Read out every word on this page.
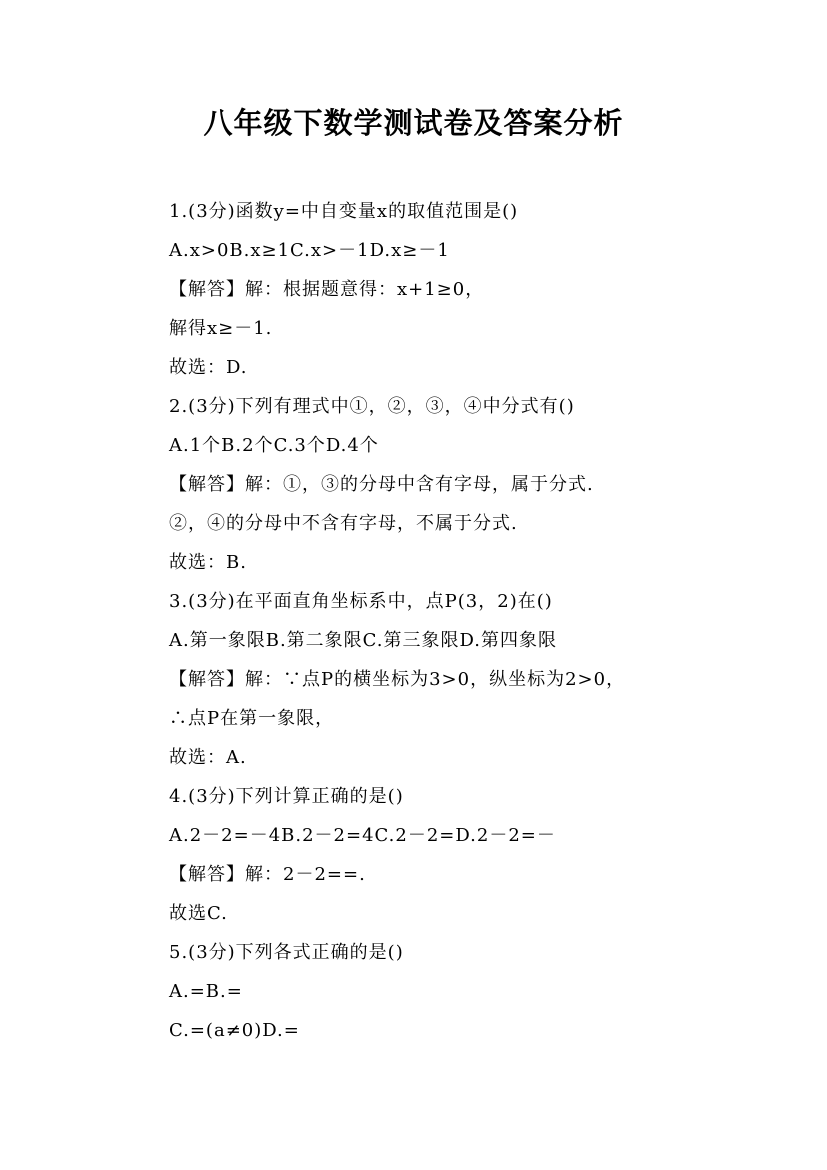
八年级下数学测试卷及答案分析
1.(3分)函数y=中自变量x的取值范围是()
A.x>0B.x≥1C.x>－1D.x≥－1
【解答】解：根据题意得：x+1≥0，
解得x≥－1.
故选：D.
2.(3分)下列有理式中①，②，③，④中分式有()
A.1个B.2个C.3个D.4个
【解答】解：①，③的分母中含有字母，属于分式.
②，④的分母中不含有字母，不属于分式.
故选：B.
3.(3分)在平面直角坐标系中，点P(3，2)在()
A.第一象限B.第二象限C.第三象限D.第四象限
【解答】解：∵点P的横坐标为3>0，纵坐标为2>0，
∴点P在第一象限，
故选：A.
4.(3分)下列计算正确的是()
A.2－2=－4B.2－2=4C.2－2=D.2－2=－
【解答】解：2－2==.
故选C.
5.(3分)下列各式正确的是()
A.=B.=
C.=(a≠0)D.=
